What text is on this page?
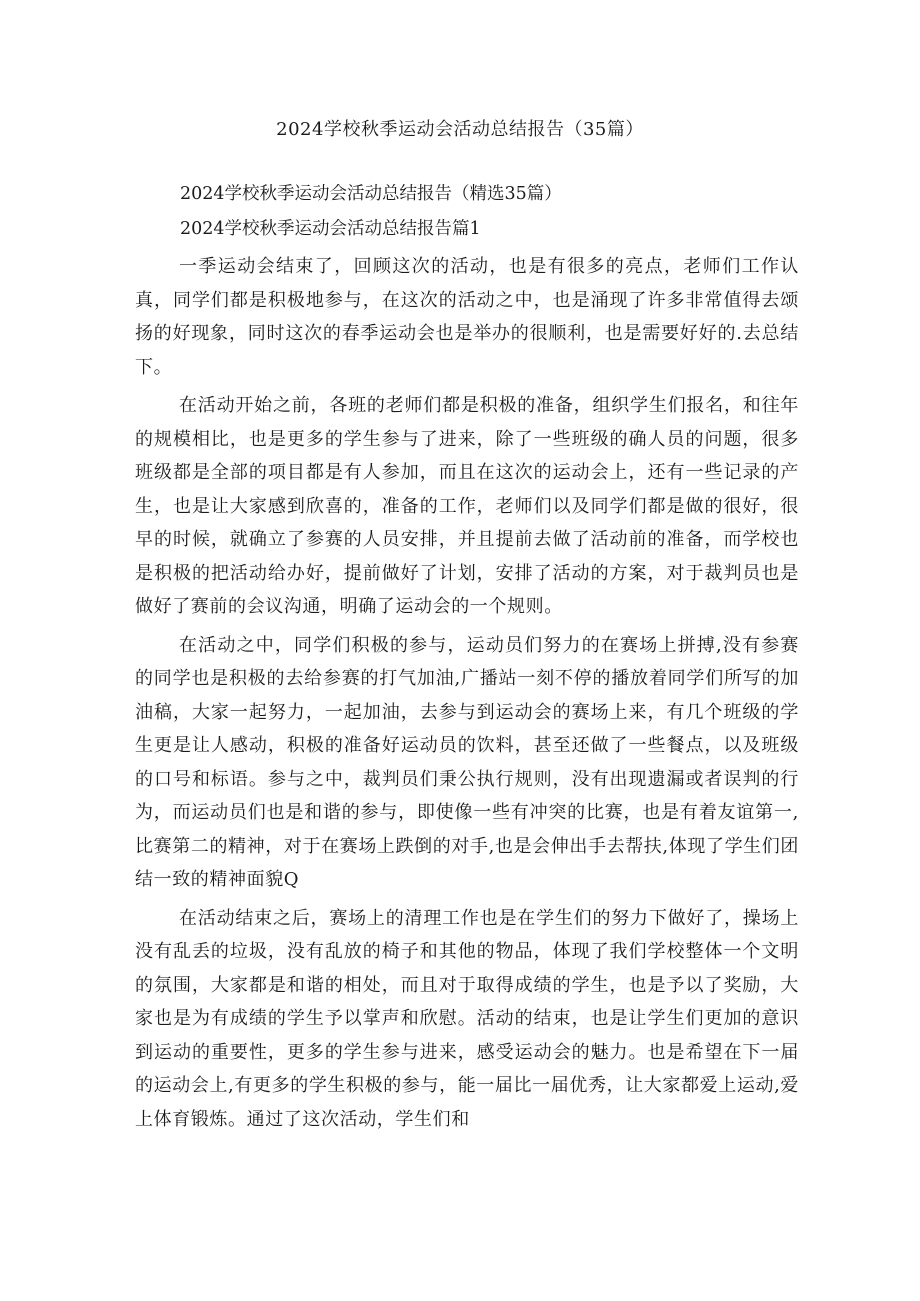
2024学校秋季运动会活动总结报告（35篇）

2024学校秋季运动会活动总结报告（精选35篇）

2024学校秋季运动会活动总结报告篇1

一季运动会结束了，回顾这次的活动，也是有很多的亮点，老师们工作认真，同学们都是积极地参与，在这次的活动之中，也是涌现了许多非常值得去颂扬的好现象，同时这次的春季运动会也是举办的很顺利，也是需要好好的.去总结下。

在活动开始之前，各班的老师们都是积极的准备，组织学生们报名，和往年的规模相比，也是更多的学生参与了进来，除了一些班级的确人员的问题，很多班级都是全部的项目都是有人参加，而且在这次的运动会上，还有一些记录的产生，也是让大家感到欣喜的，准备的工作，老师们以及同学们都是做的很好，很早的时候，就确立了参赛的人员安排，并且提前去做了活动前的准备，而学校也是积极的把活动给办好，提前做好了计划，安排了活动的方案，对于裁判员也是做好了赛前的会议沟通，明确了运动会的一个规则。

在活动之中，同学们积极的参与，运动员们努力的在赛场上拼搏,没有参赛的同学也是积极的去给参赛的打气加油,广播站一刻不停的播放着同学们所写的加油稿，大家一起努力，一起加油，去参与到运动会的赛场上来，有几个班级的学生更是让人感动，积极的准备好运动员的饮料，甚至还做了一些餐点，以及班级的口号和标语。参与之中，裁判员们秉公执行规则，没有出现遗漏或者误判的行为，而运动员们也是和谐的参与，即使像一些有冲突的比赛，也是有着友谊第一,比赛第二的精神，对于在赛场上跌倒的对手,也是会伸出手去帮扶,体现了学生们团结一致的精神面貌Q

在活动结束之后，赛场上的清理工作也是在学生们的努力下做好了，操场上没有乱丢的垃圾，没有乱放的椅子和其他的物品，体现了我们学校整体一个文明的氛围，大家都是和谐的相处，而且对于取得成绩的学生，也是予以了奖励，大家也是为有成绩的学生予以掌声和欣慰。活动的结束，也是让学生们更加的意识到运动的重要性，更多的学生参与进来，感受运动会的魅力。也是希望在下一届的运动会上,有更多的学生积极的参与，能一届比一届优秀，让大家都爱上运动,爱上体育锻炼。通过了这次活动，学生们和
